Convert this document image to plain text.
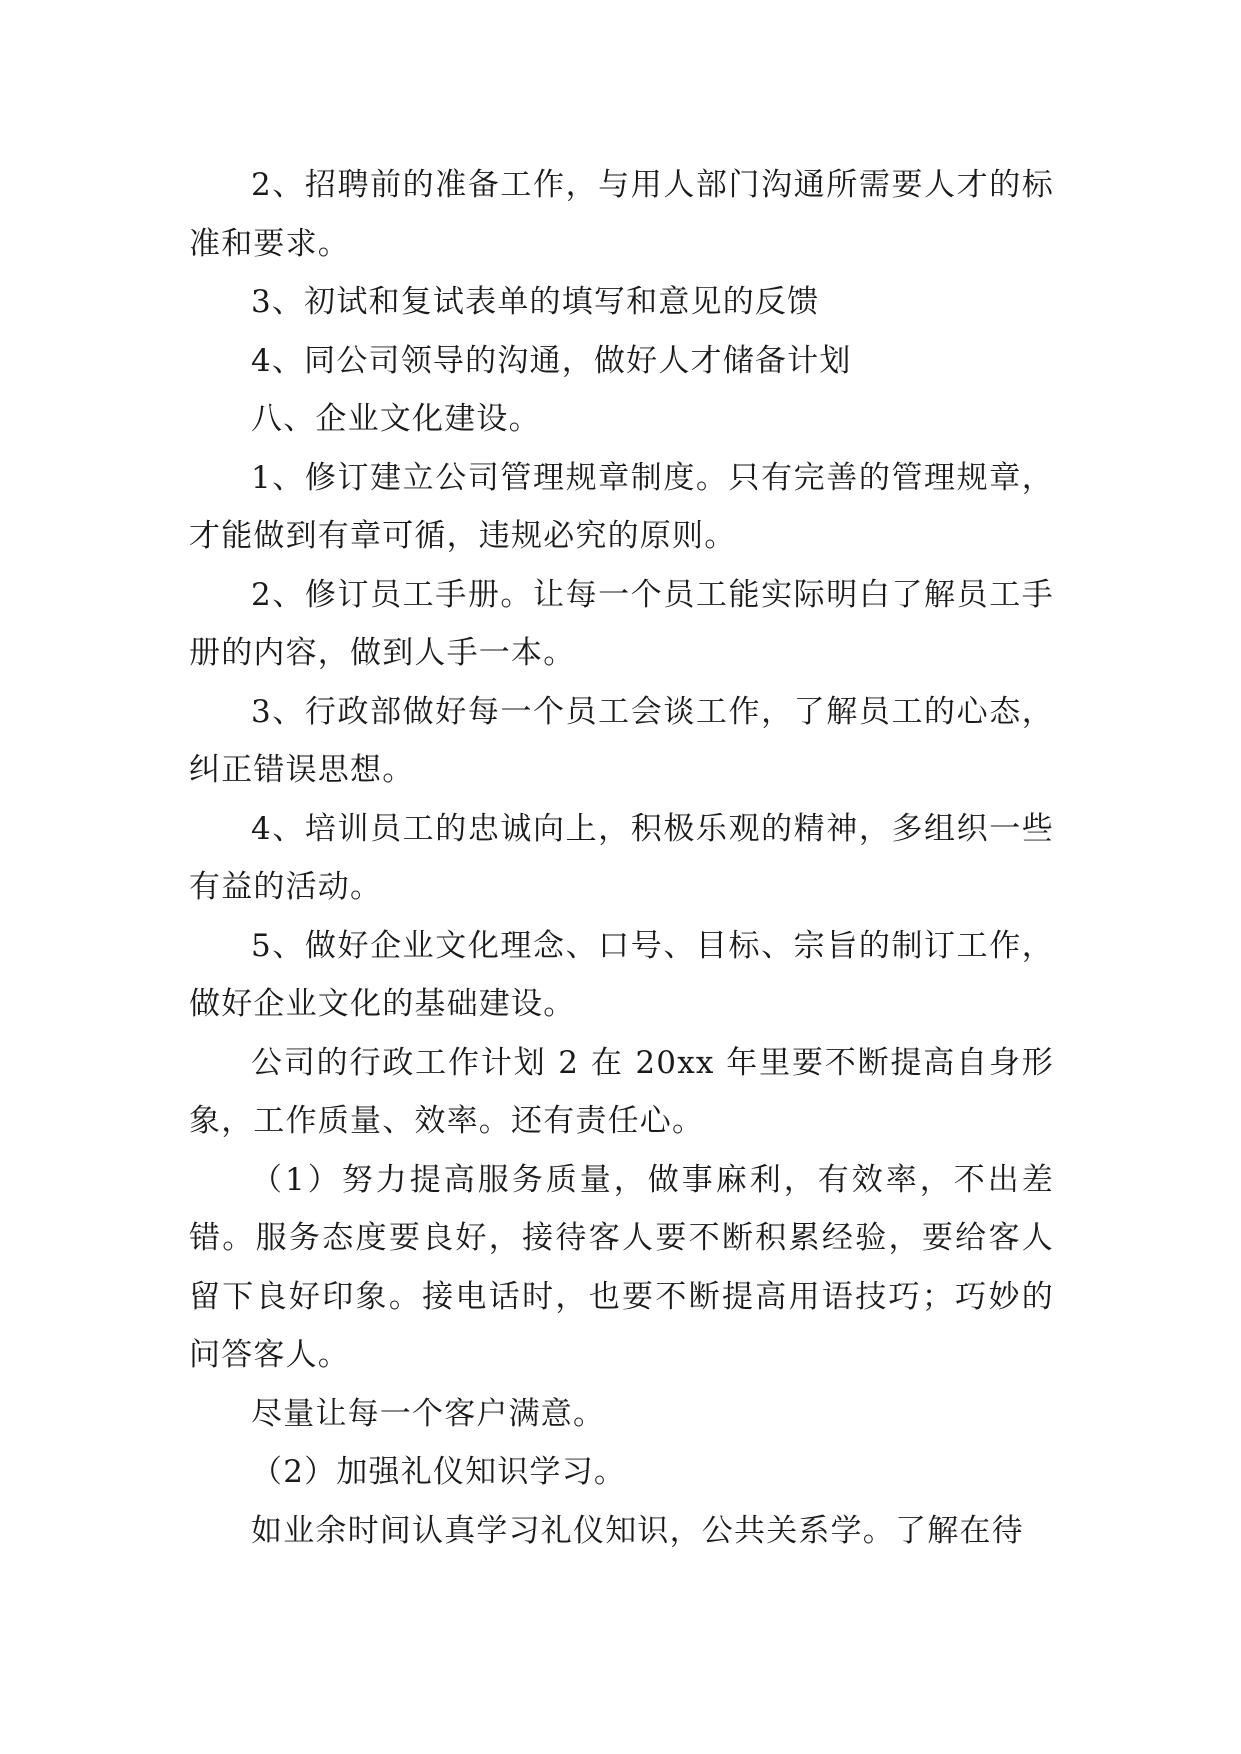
2、招聘前的准备工作，与用人部门沟通所需要人才的标准和要求。

3、初试和复试表单的填写和意见的反馈

4、同公司领导的沟通，做好人才储备计划

八、企业文化建设。

1、修订建立公司管理规章制度。只有完善的管理规章，才能做到有章可循，违规必究的原则。

2、修订员工手册。让每一个员工能实际明白了解员工手册的内容，做到人手一本。

3、行政部做好每一个员工会谈工作，了解员工的心态，纠正错误思想。

4、培训员工的忠诚向上，积极乐观的精神，多组织一些有益的活动。

5、做好企业文化理念、口号、目标、宗旨的制订工作，做好企业文化的基础建设。

公司的行政工作计划 2 在 20xx 年里要不断提高自身形象，工作质量、效率。还有责任心。

（1）努力提高服务质量，做事麻利，有效率，不出差错。服务态度要良好，接待客人要不断积累经验，要给客人留下良好印象。接电话时，也要不断提高用语技巧；巧妙的问答客人。

尽量让每一个客户满意。

（2）加强礼仪知识学习。

如业余时间认真学习礼仪知识，公共关系学。了解在待
